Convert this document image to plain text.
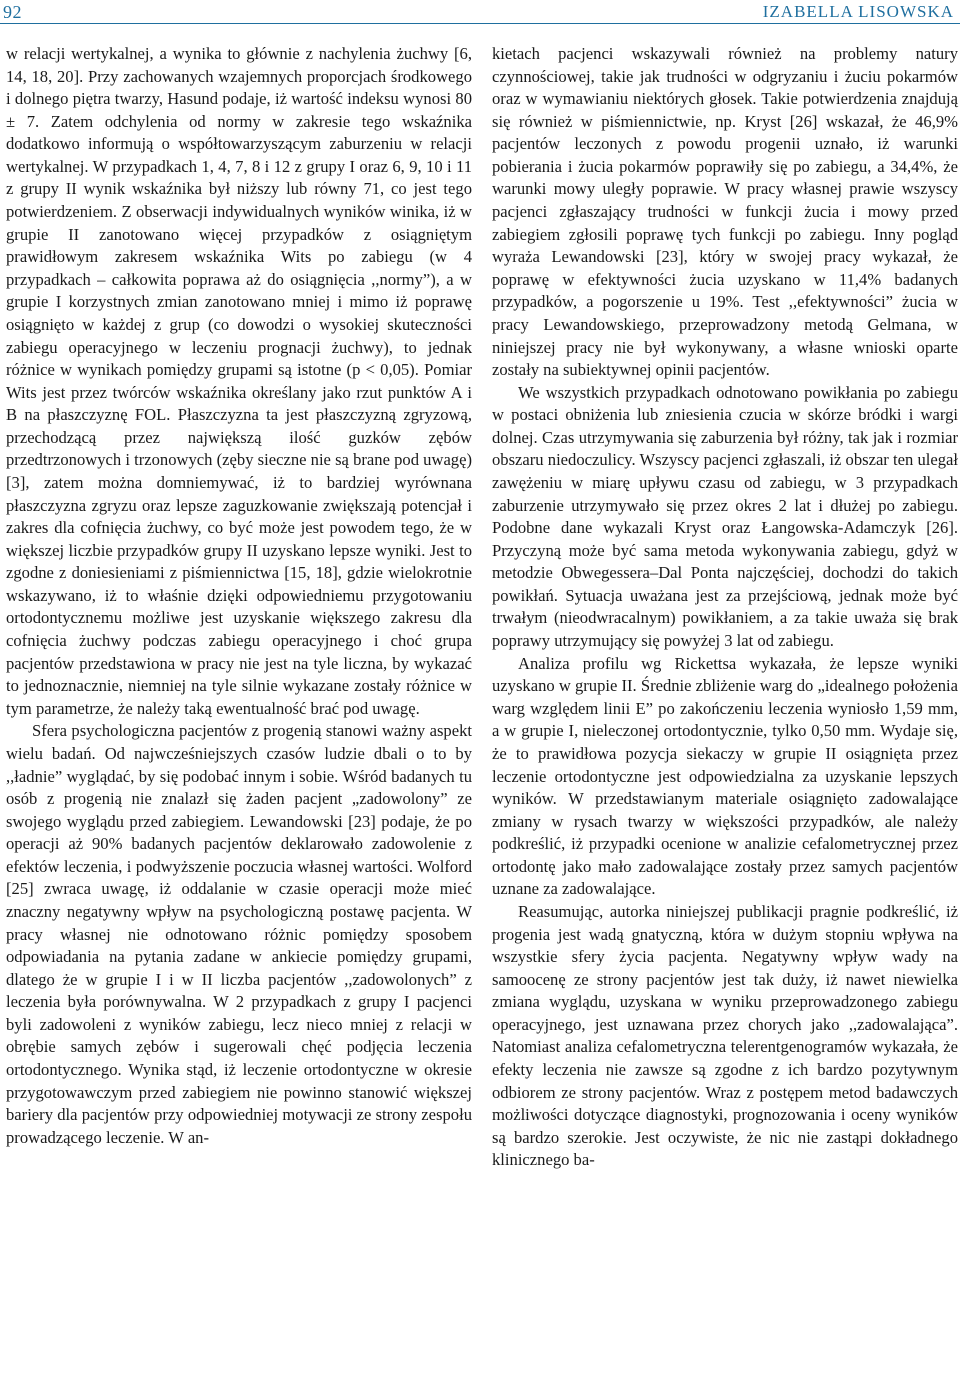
92	IZABELLA LISOWSKA

w relacji wertykalnej, a wynika to głównie z nachylenia żuchwy [6, 14, 18, 20]. Przy zachowanych wzajemnych proporcjach środkowego i dolnego piętra twarzy, Hasund podaje, iż wartość indeksu wynosi 80 ± 7. Zatem odchylenia od normy w zakresie tego wskaźnika dodatkowo informują o współtowarzyszącym zaburzeniu w relacji wertykalnej. W przypadkach 1, 4, 7, 8 i 12 z grupy I oraz 6, 9, 10 i 11 z grupy II wynik wskaźnika był niższy lub równy 71, co jest tego potwierdzeniem. Z obserwacji indywidualnych wyników winika, iż w grupie II zanotowano więcej przypadków z osiągniętym prawidłowym zakresem wskaźnika Wits po zabiegu (w 4 przypadkach – całkowita poprawa aż do osiągnięcia ,,normy”), a w grupie I korzystnych zmian zanotowano mniej i mimo iż poprawę osiągnięto w każdej z grup (co dowodzi o wysokiej skuteczności zabiegu operacyjnego w leczeniu prognacji żuchwy), to jednak różnice w wynikach pomiędzy grupami są istotne (p < 0,05). Pomiar Wits jest przez twórców wskaźnika określany jako rzut punktów A i B na płaszczyznę FOL. Płaszczyzna ta jest płaszczyzną zgryzową, przechodzącą przez największą ilość guzków zębów przedtrzonowych i trzonowych (zęby sieczne nie są brane pod uwagę) [3], zatem można domniemywać, iż to bardziej wyrównana płaszczyzna zgryzu oraz lepsze zaguzkowanie zwiększają potencjał i zakres dla cofnięcia żuchwy, co być może jest powodem tego, że w większej liczbie przypadków grupy II uzyskano lepsze wyniki. Jest to zgodne z doniesieniami z piśmiennictwa [15, 18], gdzie wielokrotnie wskazywano, iż to właśnie dzięki odpowiedniemu przygotowaniu ortodontycznemu możliwe jest uzyskanie większego zakresu dla cofnięcia żuchwy podczas zabiegu operacyjnego i choć grupa pacjentów przedstawiona w pracy nie jest na tyle liczna, by wykazać to jednoznacznie, niemniej na tyle silnie wykazane zostały różnice w tym parametrze, że należy taką ewentualność brać pod uwagę.

Sfera psychologiczna pacjentów z progenią stanowi ważny aspekt wielu badań. Od najwcześniejszych czasów ludzie dbali o to by ,,ładnie” wyglądać, by się podobać innym i sobie. Wśród badanych tu osób z progenią nie znalazł się żaden pacjent „zadowolony” ze swojego wyglądu przed zabiegiem. Lewandowski [23] podaje, że po operacji aż 90% badanych pacjentów deklarowało zadowolenie z efektów leczenia, i podwyższenie poczucia własnej wartości. Wolford [25] zwraca uwagę, iż oddalanie w czasie operacji może mieć znaczny negatywny wpływ na psychologiczną postawę pacjenta. W pracy własnej nie odnotowano różnic pomiędzy sposobem odpowiadania na pytania zadane w ankiecie pomiędzy grupami, dlatego że w grupie I i w II liczba pacjentów ,,zadowolonych” z leczenia była porównywalna. W 2 przypadkach z grupy I pacjenci byli zadowoleni z wyników zabiegu, lecz nieco mniej z relacji w obrębie samych zębów i sugerowali chęć podjęcia leczenia ortodontycznego. Wynika stąd, iż leczenie ortodontyczne w okresie przygotowawczym przed zabiegiem nie powinno stanowić większej bariery dla pacjentów przy odpowiedniej motywacji ze strony zespołu prowadzącego leczenie. W an-

kietach pacjenci wskazywali również na problemy natury czynnościowej, takie jak trudności w odgryzaniu i żuciu pokarmów oraz w wymawianiu niektórych głosek. Takie potwierdzenia znajdują się również w piśmiennictwie, np. Kryst [26] wskazał, że 46,9% pacjentów leczonych z powodu progenii uznało, iż warunki pobierania i żucia pokarmów poprawiły się po zabiegu, a 34,4%, że warunki mowy uległy poprawie. W pracy własnej prawie wszyscy pacjenci zgłaszający trudności w funkcji żucia i mowy przed zabiegiem zgłosili poprawę tych funkcji po zabiegu. Inny pogląd wyraża Lewandowski [23], który w swojej pracy wykazał, że poprawę w efektywności żucia uzyskano w 11,4% badanych przypadków, a pogorszenie u 19%. Test ,,efektywności” żucia w pracy Lewandowskiego, przeprowadzony metodą Gelmana, w niniejszej pracy nie był wykonywany, a własne wnioski oparte zostały na subiektywnej opinii pacjentów.

We wszystkich przypadkach odnotowano powikłania po zabiegu w postaci obniżenia lub zniesienia czucia w skórze bródki i wargi dolnej. Czas utrzymywania się zaburzenia był różny, tak jak i rozmiar obszaru niedoczulicy. Wszyscy pacjenci zgłaszali, iż obszar ten ulegał zawężeniu w miarę upływu czasu od zabiegu, w 3 przypadkach zaburzenie utrzymywało się przez okres 2 lat i dłużej po zabiegu. Podobne dane wykazali Kryst oraz Łangowska-Adamczyk [26]. Przyczyną może być sama metoda wykonywania zabiegu, gdyż w metodzie Obwegessera–Dal Ponta najczęściej, dochodzi do takich powikłań. Sytuacja uważana jest za przejściową, jednak może być trwałym (nieodwracalnym) powikłaniem, a za takie uważa się brak poprawy utrzymujący się powyżej 3 lat od zabiegu.

Analiza profilu wg Rickettsa wykazała, że lepsze wyniki uzyskano w grupie II. Średnie zbliżenie warg do „idealnego położenia warg względem linii E” po zakończeniu leczenia wyniosło 1,59 mm, a w grupie I, nieleczonej ortodontycznie, tylko 0,50 mm. Wydaje się, że to prawidłowa pozycja siekaczy w grupie II osiągnięta przez leczenie ortodontyczne jest odpowiedzialna za uzyskanie lepszych wyników. W przedstawianym materiale osiągnięto zadowalające zmiany w rysach twarzy w większości przypadków, ale należy podkreślić, iż przypadki ocenione w analizie cefalometrycznej przez ortodontę jako mało zadowalające zostały przez samych pacjentów uznane za zadowalające.

Reasumując, autorka niniejszej publikacji pragnie podkreślić, iż progenia jest wadą gnatyczną, która w dużym stopniu wpływa na wszystkie sfery życia pacjenta. Negatywny wpływ wady na samoocenę ze strony pacjentów jest tak duży, iż nawet niewielka zmiana wyglądu, uzyskana w wyniku przeprowadzonego zabiegu operacyjnego, jest uznawana przez chorych jako ,,zadowalająca”. Natomiast analiza cefalometryczna telerentgenogramów wykazała, że efekty leczenia nie zawsze są zgodne z ich bardzo pozytywnym odbiorem ze strony pacjentów. Wraz z postępem metod badawczych możliwości dotyczące diagnostyki, prognozowania i oceny wyników są bardzo szerokie. Jest oczywiste, że nic nie zastąpi dokładnego klinicznego ba-
